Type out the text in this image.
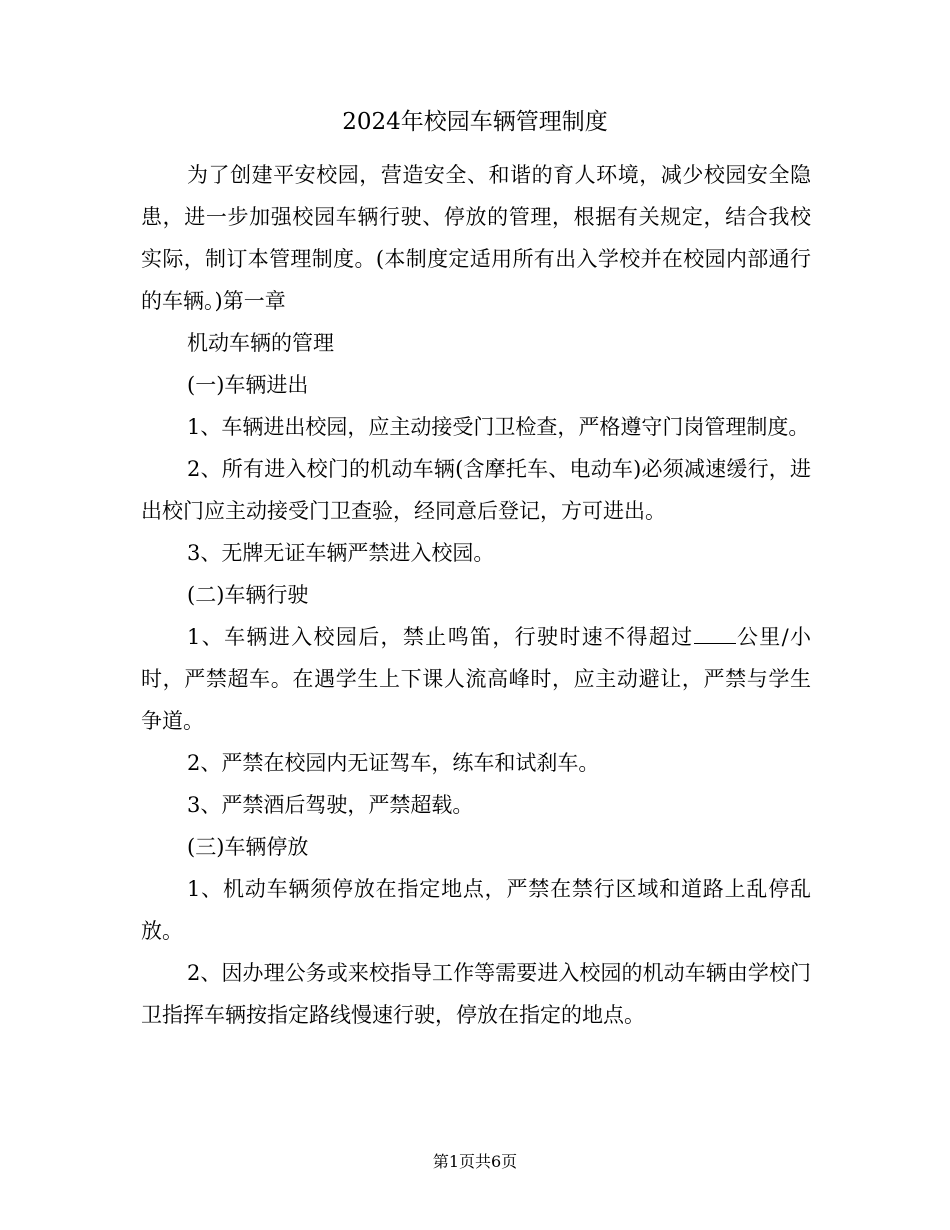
2024年校园车辆管理制度

为了创建平安校园，营造安全、和谐的育人环境，减少校园安全隐患，进一步加强校园车辆行驶、停放的管理，根据有关规定，结合我校实际，制订本管理制度。(本制度定适用所有出入学校并在校园内部通行的车辆。)第一章

机动车辆的管理

(一)车辆进出

1、车辆进出校园，应主动接受门卫检查，严格遵守门岗管理制度。

2、所有进入校门的机动车辆(含摩托车、电动车)必须减速缓行，进出校门应主动接受门卫查验，经同意后登记，方可进出。

3、无牌无证车辆严禁进入校园。

(二)车辆行驶

1、车辆进入校园后，禁止鸣笛，行驶时速不得超过 公里/小时，严禁超车。在遇学生上下课人流高峰时，应主动避让，严禁与学生争道。

2、严禁在校园内无证驾车，练车和试刹车。

3、严禁酒后驾驶，严禁超载。

(三)车辆停放

1、机动车辆须停放在指定地点，严禁在禁行区域和道路上乱停乱放。

2、因办理公务或来校指导工作等需要进入校园的机动车辆由学校门卫指挥车辆按指定路线慢速行驶，停放在指定的地点。

第1页共6页
